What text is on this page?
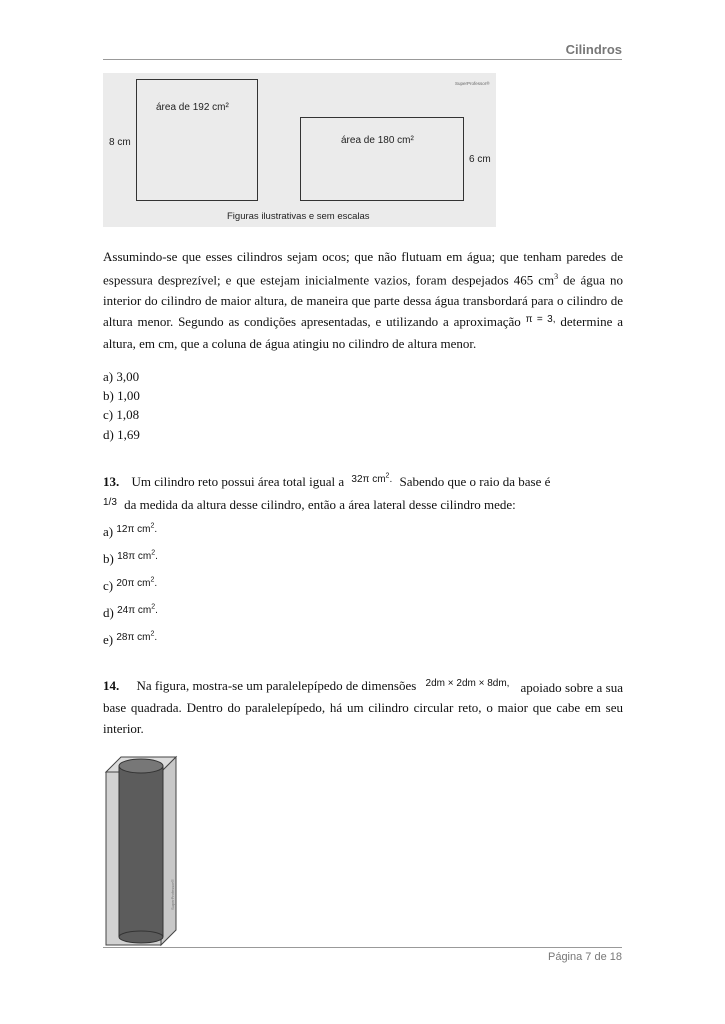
Cilindros
SuperProfessor®
8 cm
área de 192 cm²
área de 180 cm²
6 cm
Figuras ilustrativas e sem escalas
Assumindo-se que esses cilindros sejam ocos; que não flutuam em água; que tenham paredes de espessura desprezível; e que estejam inicialmente vazios, foram despejados 465 $cm^3$ de água no interior do cilindro de maior altura, de maneira que parte dessa água transbordará para o cilindro de altura menor. Segundo as condições apresentadas, e utilizando a aproximação $^{\pi = 3,}$ determine a altura, em cm, que a coluna de água atingiu no cilindro de altura menor.
a) 3,00
b) 1,00
c) 1,08
d) 1,69
13. Um cilindro reto possui área total igual a $^{32\pi cm^2.}$ Sabendo que o raio da base é
$^{1/3}$ da medida da altura desse cilindro, então a área lateral desse cilindro mede:
a) $^{12\pi cm^2.}$
b) $^{18\pi cm^2.}$
c) $^{20\pi cm^2.}$
d) $^{24\pi cm^2.}$
e) $^{28\pi cm^2.}$
14. Na figura, mostra-se um paralelepípedo de dimensões $^{2dm \times 2dm \times 8dm,}$ apoiado sobre a sua base quadrada. Dentro do paralelepípedo, há um cilindro circular reto, o maior que cabe em seu interior.
SuperProfessor®
Página 7 de 18
